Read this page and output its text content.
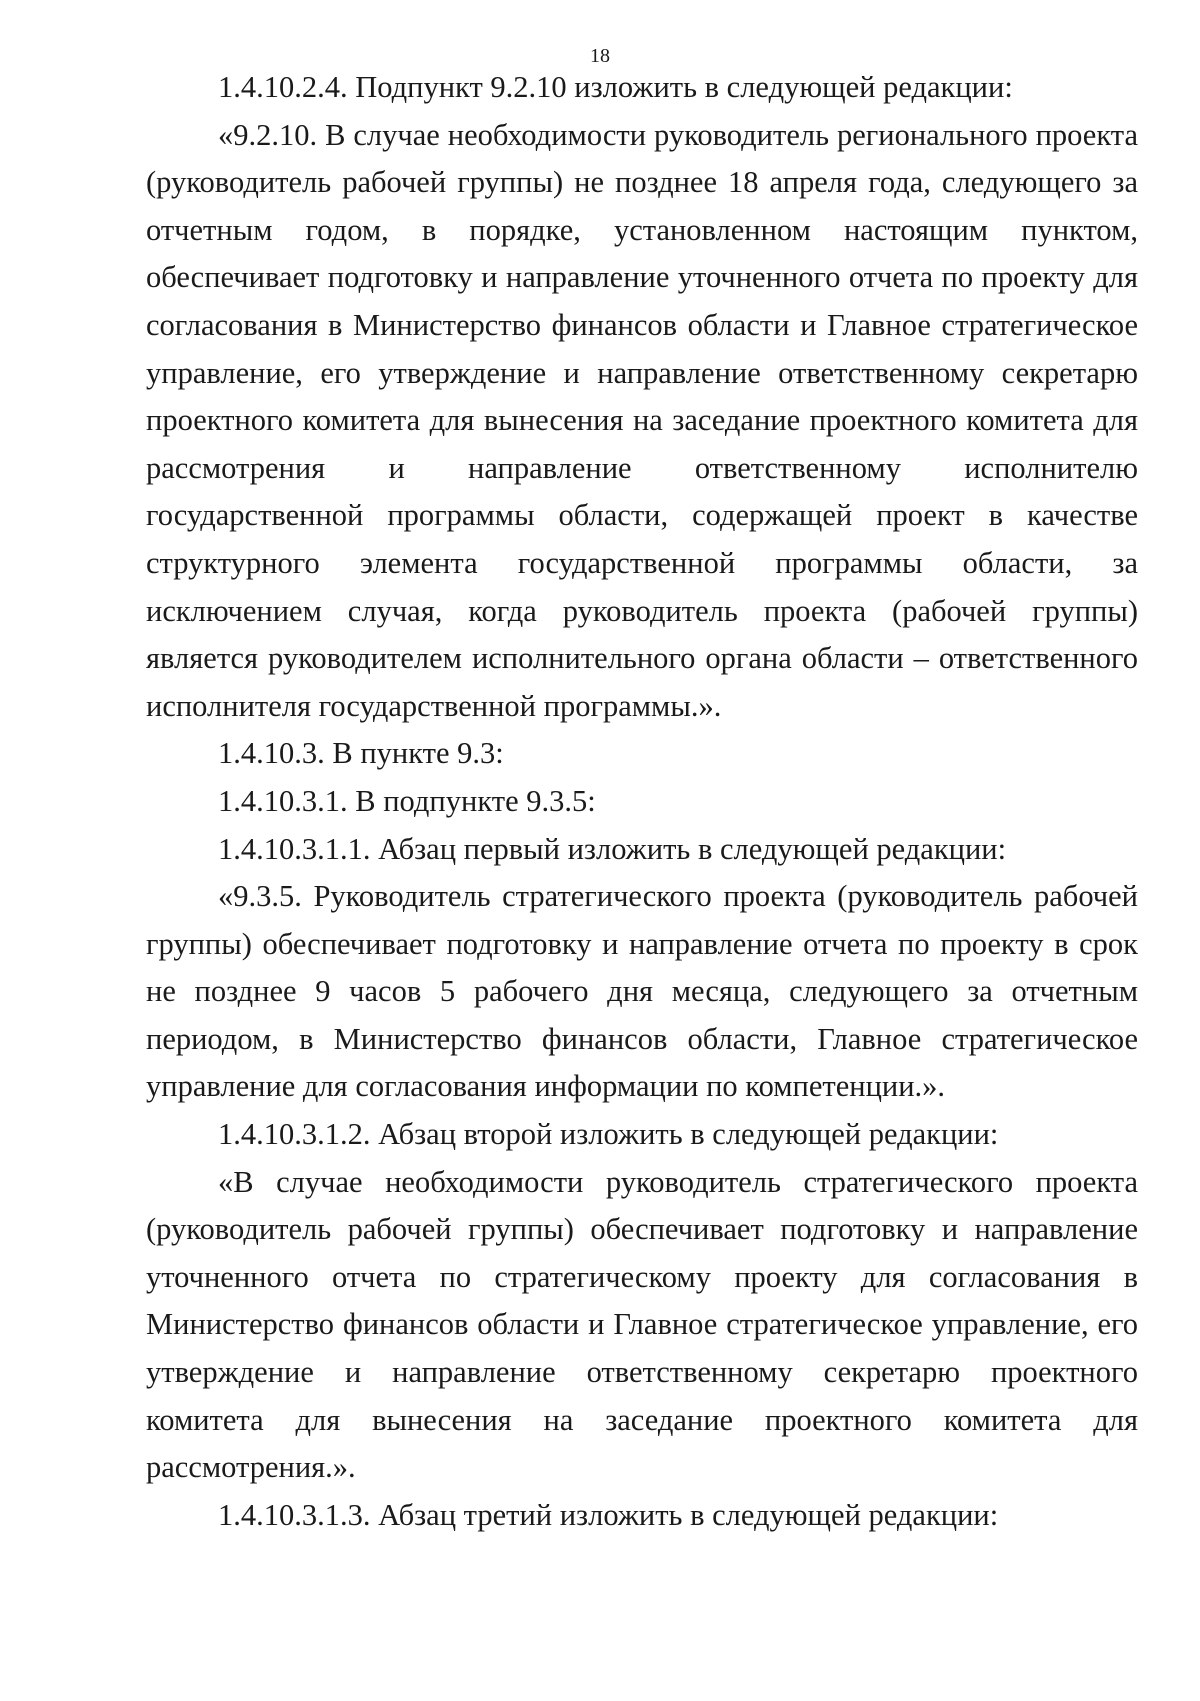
18

1.4.10.2.4. Подпункт 9.2.10 изложить в следующей редакции:

«9.2.10. В случае необходимости руководитель регионального проекта (руководитель рабочей группы) не позднее 18 апреля года, следующего за отчетным годом, в порядке, установленном настоящим пунктом, обеспечивает подготовку и направление уточненного отчета по проекту для согласования в Министерство финансов области и Главное стратегическое управление, его утверждение и направление ответственному секретарю проектного комитета для вынесения на заседание проектного комитета для рассмотрения и направление ответственному исполнителю государственной программы области, содержащей проект в качестве структурного элемента государственной программы области, за исключением случая, когда руководитель проекта (рабочей группы) является руководителем исполнительного органа области – ответственного исполнителя государственной программы.».

1.4.10.3. В пункте 9.3:

1.4.10.3.1. В подпункте 9.3.5:

1.4.10.3.1.1. Абзац первый изложить в следующей редакции:

«9.3.5. Руководитель стратегического проекта (руководитель рабочей группы) обеспечивает подготовку и направление отчета по проекту в срок не позднее 9 часов 5 рабочего дня месяца, следующего за отчетным периодом, в Министерство финансов области, Главное стратегическое управление для согласования информации по компетенции.».

1.4.10.3.1.2. Абзац второй изложить в следующей редакции:

«В случае необходимости руководитель стратегического проекта (руководитель рабочей группы) обеспечивает подготовку и направление уточненного отчета по стратегическому проекту для согласования в Министерство финансов области и Главное стратегическое управление, его утверждение и направление ответственному секретарю проектного комитета для вынесения на заседание проектного комитета для рассмотрения.».

1.4.10.3.1.3. Абзац третий изложить в следующей редакции:
